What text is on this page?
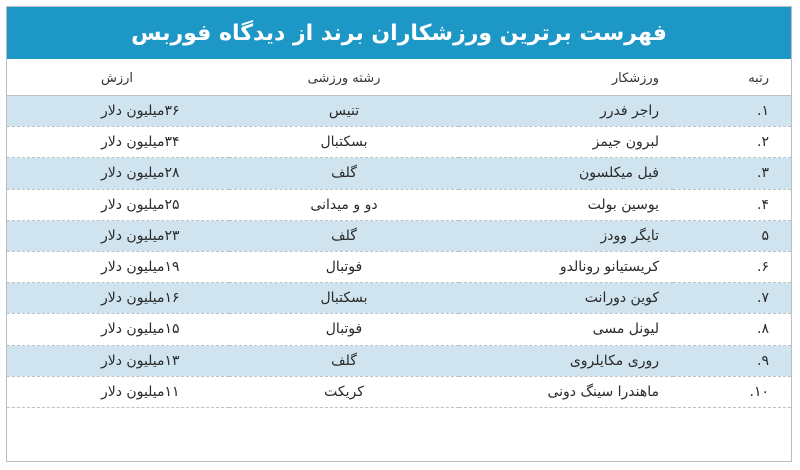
فهرست برترین ورزشکاران برند از دیدگاه فوربس
رتبه	ورزشکار	رشته ورزشی	ارزش
۱.	راجر فدرر	تنیس	۳۶میلیون دلار
۲.	لبرون جیمز	بسکتبال	۳۴میلیون دلار
۳.	فیل میکلسون	گلف	۲۸میلیون دلار
۴.	یوسین بولت	دو و میدانی	۲۵میلیون دلار
۵	تایگر وودز	گلف	۲۳میلیون دلار
۶.	کریستیانو رونالدو	فوتبال	۱۹میلیون دلار
۷.	کوین دورانت	بسکتبال	۱۶میلیون دلار
۸.	لیونل مسی	فوتبال	۱۵میلیون دلار
۹.	روری مکایلروی	گلف	۱۳میلیون دلار
۱۰.	ماهندرا سینگ دونی	کریکت	۱۱میلیون دلار
